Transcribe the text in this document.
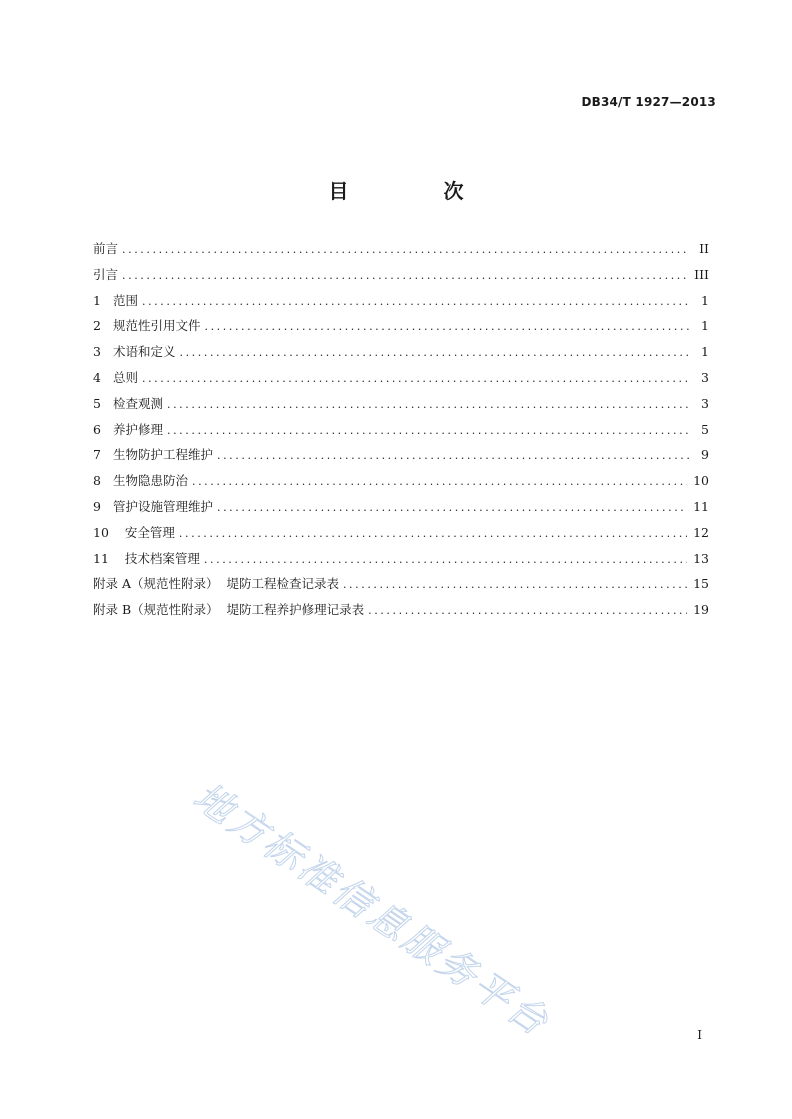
DB34/T 1927—2013
目 次
前言 .....	II
引言 .....	III
1 范围 .....	1
2 规范性引用文件 .....	1
3 术语和定义 .....	1
4 总则 .....	3
5 检查观测 .....	3
6 养护修理 .....	5
7 生物防护工程维护 .....	9
8 生物隐患防治 .....	10
9 管护设施管理维护 .....	11
10 安全管理 .....	12
11 技术档案管理 .....	13
附录 A（规范性附录）  堤防工程检查记录表 .....	15
附录 B（规范性附录）  堤防工程养护修理记录表 .....	19
地方标准信息服务平台	I
